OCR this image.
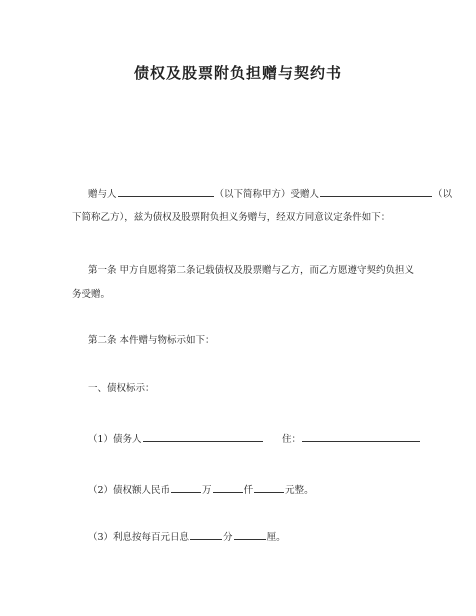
债权及股票附负担赠与契约书
赠与人	（以下简称甲方）受赠人	（以
下简称乙方），兹为债权及股票附负担义务赠与，经双方同意议定条件如下：
第一条 甲方自愿将第二条记载债权及股票赠与乙方，而乙方愿遵守契约负担义
务受赠。
第二条 本件赠与物标示如下：
一、债权标示：
（1）债务人	住：
（2）债权额人民币	万	仟	元整。
（3）利息按每百元日息	分	厘。
